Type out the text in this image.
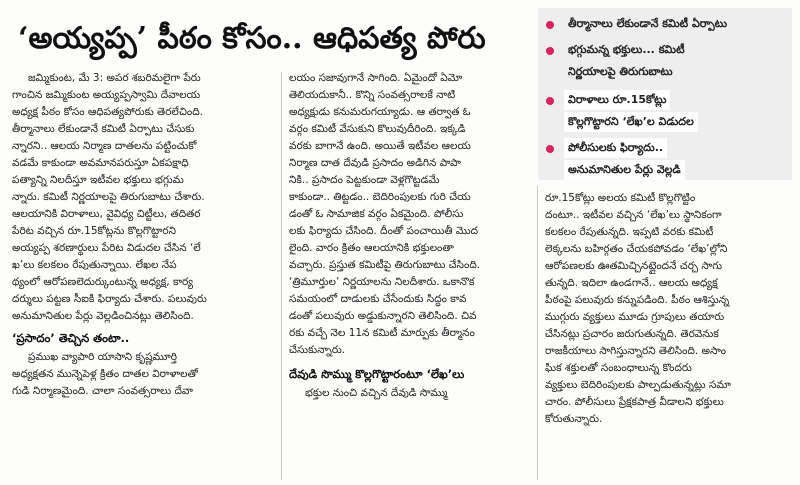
‘అయ్యప్ప’ పీఠం కోసం.. ఆధిపత్య పోరు	తీర్మానాలు లేకుండానే కమిటీ ఏర్పాటు
భగ్గుమన్న భక్తులు... కమిటీ
నిర్ణయాలపై తిరుగుబాటు
విరాళాలు రూ.15కోట్లు
కొల్లగొట్టారని ‘లేఖ’ల విడుదల
పోలీసులకు ఫిర్యాదు..
అనుమానితుల పేర్లు వెల్లడి
జమ్మికుంట, మే 3: అపర శబరిమలైగా పేరు
గాంచిన జమ్మికుంట అయ్యప్పస్వామి దేవాలయ
అధ్యక్ష పీఠం కోసం ఆధిపత్యపోరుకు తెరలేచింది.
తీర్మానాలు లేకుండానే కమిటీ ఏర్పాటు చేసుకు
న్నారని.. ఆలయ నిర్మాణ దాతలను పట్టించుకో
వడమే కాకుండా అవమానపరుస్తూ ఏకపక్షాధి
పత్యాన్ని నిలదీస్తూ ఇటీవల భక్తులు భగ్గుమ
న్నారు. కమిటీ నిర్ణయాలపై తిరుగుబాటు చేశారు.
ఆలయానికి విరాళాలు, వైవిధ్య చిట్టీలు, తదితర
పేరిట వచ్చిన రూ.15కోట్లను కొల్లగొట్టారని
అయ్యప్ప శరణార్థులు పేరిట విడుదల చేసిన ‘లే
ఖ’లు కలకలం రేపుతున్నాయి. లేఖల నేప
థ్యంలో ఆరోపణలెదుర్కుంటున్న అధ్యక్ష, కార్య
దర్శులు పట్టణ సీఐకి ఫిర్యాదు చేశారు. పలువురు
అనుమానితుల పేర్లు వెల్లడించినట్లు తెలిసింది.
‘ప్రసాదం’ తెచ్చిన తంటా..
ప్రముఖ వ్యాపారి యాసాని కృష్ణమూర్తి
అధ్యక్షతన మున్నెపెళ్ల క్రితం దాతల విరాళాలతో
గుడి నిర్మాణమైంది. చాలా సంవత్సరాలు దేవా
లయం సజావుగానే సాగింది. ఏమైందో ఏమో
తెలియదుకానీ.. కొన్ని సంవత్సరాలకే నాటి
అధ్యక్షుడు కనుమరుగయ్యాడు. ఆ తర్వాత ఓ
వర్గం కమిటీ వేసుకుని కొలువుదీరింది. ఇక్కడి
వరకు బాగానే ఉంది. అయితే ఇటీవల ఆలయ
నిర్మాణ దాత దేవుడి ప్రసాదం అడిగిన పాపా
నికి.. ప్రసాదం పెట్టకుండా వెళ్లగొట్టడమే
కాకుండా.. తిట్టడం.. బెదిరింపులకు గురి చేయ
డంతో ఓ సామాజిక వర్గం ఏకమైంది. పోలీసు
లకు ఫిర్యాదు చేసింది. దీంతో పంచాయితీ మొద
లైంది. వారం క్రితం ఆలయానికి భక్తులంతా
వచ్చారు. ప్రస్తుత కమిటీపై తిరుగుబాటు చేసింది.
‘త్రిమూర్తుల’ నిర్ణయాలను నిలదీశారు. ఒకానొక
సమయంలో దాడులకు చేసేందుకు సిద్ధం కావ
డంతో పలువురు అడ్డుకున్నారని తెలిసింది. చివ
రకు వచ్చే నెల 11న కమిటీ మార్పుకు తీర్మానం
చేసుకున్నారు.
దేవుడి సొమ్ము కొల్లగొట్టారంటూ ‘లేఖ’లు
భక్తుల నుంచి వచ్చిన దేవుడి సొమ్ము
రూ.15కోట్లు అలయ కమిటీ కొల్లగొట్టిం
దంటూ.. ఇటీవల వచ్చిన ‘లేఖ’లు స్థానికంగా
కలకలం రేపుతున్నది. ఇప్పటి వరకు కమిటీ
లెక్కలను బహిర్గతం చేయకపోవడం ‘లేఖ’ల్లోని
ఆరోపణలకు ఊతమిచ్చినట్లైందనే చర్చ సాగు
తున్నది. ఇదిలా ఉండగానే.. ఆలయ అధ్యక్ష
పీఠంపై పలువురు కన్నుపడింది. పీఠం ఆశిస్తున్న
ముగ్గురు వ్యక్తులు మూడు గ్రూపులు తయారు
చేసినట్లు ప్రచారం జరుగుతున్నది. తెరవెనుక
రాజకీయాలు సాగిస్తున్నారని తెలిసింది. అసాం
ఘిక శక్తులతో సంబంధాలున్న కొందరు
వ్యక్తులు బెదిరింపులకు పాల్పడుతున్నట్లు సమా
చారం. పోలీసులు ప్రేక్షకపాత్ర వీడాలని భక్తులు
కోరుతున్నారు.
